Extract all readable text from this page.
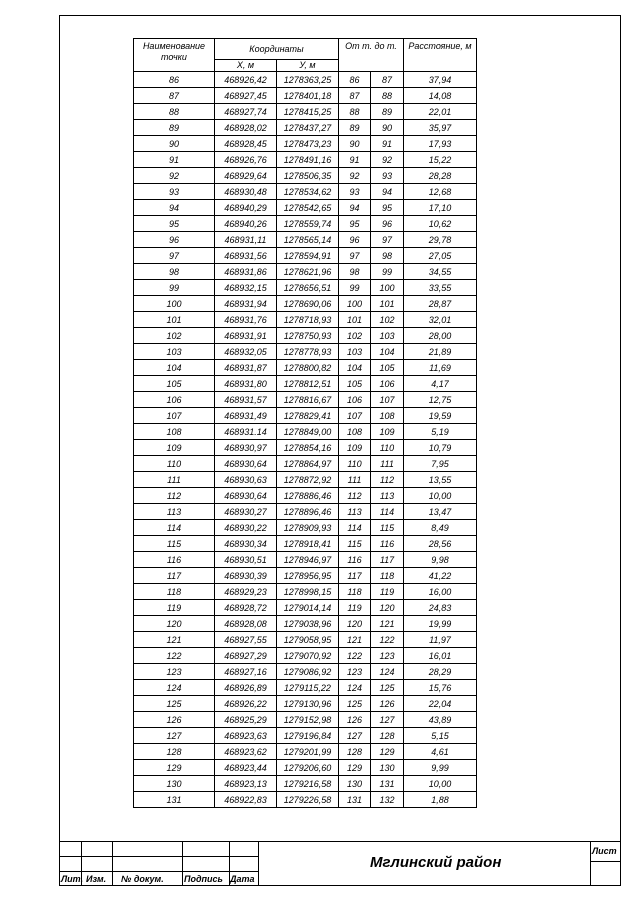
Наименование точки	Координаты		От т. до т.		Расстояние, м
	Х, м	У, м			
86	468926,42	1278363,25	86	87	37,94
87	468927,45	1278401,18	87	88	14,08
88	468927,74	1278415,25	88	89	22,01
89	468928,02	1278437,27	89	90	35,97
90	468928,45	1278473,23	90	91	17,93
91	468926,76	1278491,16	91	92	15,22
92	468929,64	1278506,35	92	93	28,28
93	468930,48	1278534,62	93	94	12,68
94	468940,29	1278542,65	94	95	17,10
95	468940,26	1278559,74	95	96	10,62
96	468931,11	1278565,14	96	97	29,78
97	468931,56	1278594,91	97	98	27,05
98	468931,86	1278621,96	98	99	34,55
99	468932,15	1278656,51	99	100	33,55
100	468931,94	1278690,06	100	101	28,87
101	468931,76	1278718,93	101	102	32,01
102	468931,91	1278750,93	102	103	28,00
103	468932,05	1278778,93	103	104	21,89
104	468931,87	1278800,82	104	105	11,69
105	468931,80	1278812,51	105	106	4,17
106	468931,57	1278816,67	106	107	12,75
107	468931,49	1278829,41	107	108	19,59
108	468931.14	1278849,00	108	109	5,19
109	468930,97	1278854,16	109	110	10,79
110	468930,64	1278864,97	110	111	7,95
111	468930,63	1278872,92	111	112	13,55
112	468930,64	1278886,46	112	113	10,00
113	468930,27	1278896,46	113	114	13,47
114	468930,22	1278909,93	114	115	8,49
115	468930,34	1278918,41	115	116	28,56
116	468930,51	1278946,97	116	117	9,98
117	468930,39	1278956,95	117	118	41,22
118	468929,23	1278998,15	118	119	16,00
119	468928,72	1279014,14	119	120	24,83
120	468928,08	1279038,96	120	121	19,99
121	468927,55	1279058,95	121	122	11,97
122	468927,29	1279070,92	122	123	16,01
123	468927,16	1279086,92	123	124	28,29
124	468926,89	1279115,22	124	125	15,76
125	468926,22	1279130,96	125	126	22,04
126	468925,29	1279152,98	126	127	43,89
127	468923,63	1279196,84	127	128	5,15
128	468923,62	1279201,99	128	129	4,61
129	468923,44	1279206,60	129	130	9,99
130	468923,13	1279216,58	130	131	10,00
131	468922,83	1279226,58	131	132	1,88
Лит. Изм. № докум. Подпись Дата
Лист
Мглинский район
